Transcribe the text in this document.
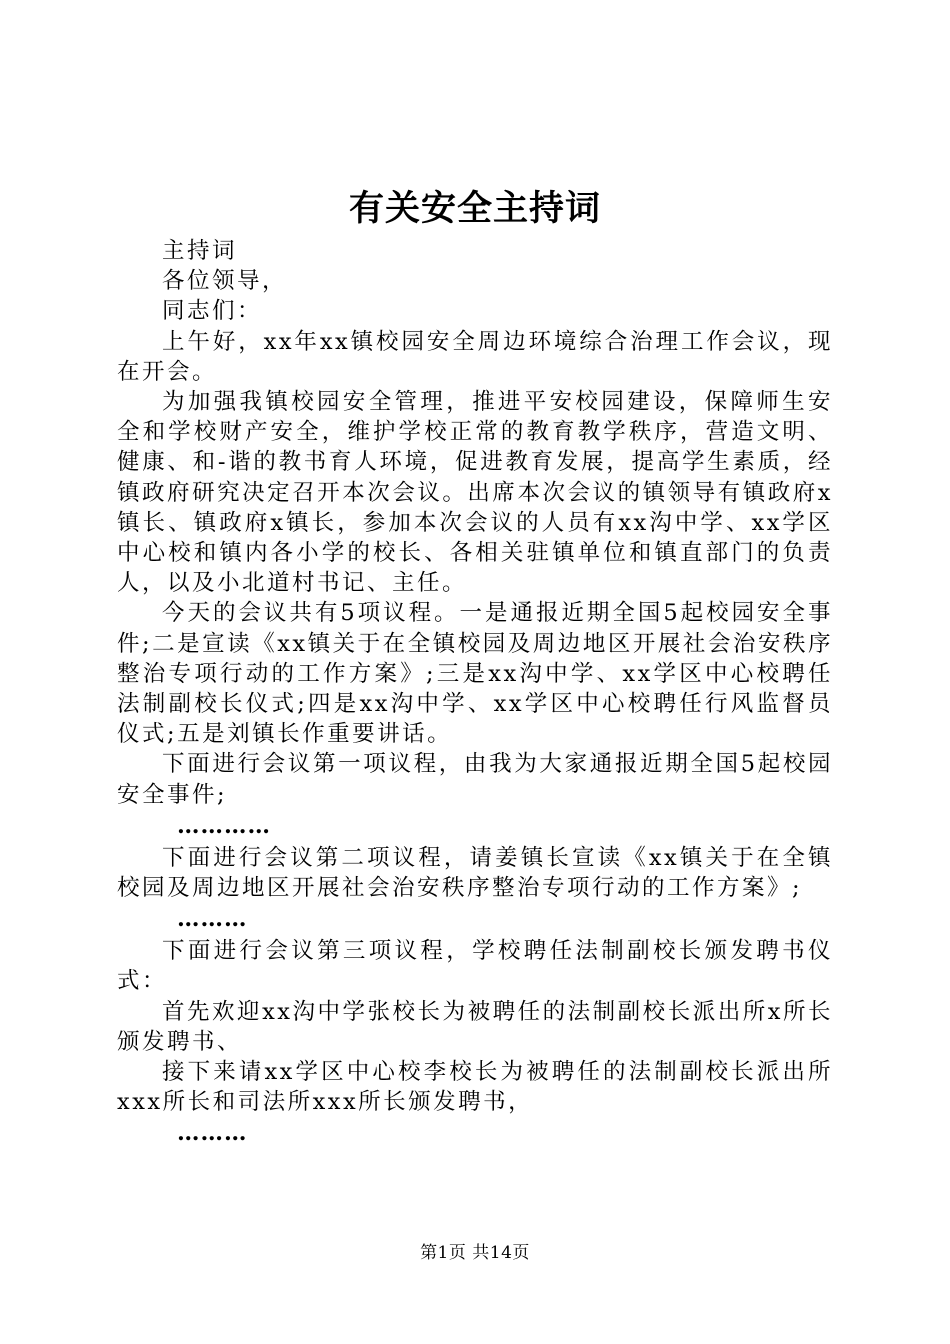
有关安全主持词

主持词

各位领导，

同志们：

上午好，xx年xx镇校园安全周边环境综合治理工作会议，现在开会。

为加强我镇校园安全管理，推进平安校园建设，保障师生安全和学校财产安全，维护学校正常的教育教学秩序，营造文明、健康、和-谐的教书育人环境，促进教育发展，提高学生素质，经镇政府研究决定召开本次会议。出席本次会议的镇领导有镇政府x镇长、镇政府x镇长，参加本次会议的人员有xx沟中学、xx学区中心校和镇内各小学的校长、各相关驻镇单位和镇直部门的负责人，以及小北道村书记、主任。

今天的会议共有5项议程。一是通报近期全国5起校园安全事件;二是宣读《xx镇关于在全镇校园及周边地区开展社会治安秩序整治专项行动的工作方案》;三是xx沟中学、xx学区中心校聘任法制副校长仪式;四是xx沟中学、xx学区中心校聘任行风监督员仪式;五是刘镇长作重要讲话。

下面进行会议第一项议程，由我为大家通报近期全国5起校园安全事件;

…………

下面进行会议第二项议程，请姜镇长宣读《xx镇关于在全镇校园及周边地区开展社会治安秩序整治专项行动的工作方案》;

………

下面进行会议第三项议程，学校聘任法制副校长颁发聘书仪式：

首先欢迎xx沟中学张校长为被聘任的法制副校长派出所x所长颁发聘书、

接下来请xx学区中心校李校长为被聘任的法制副校长派出所xxx所长和司法所xxx所长颁发聘书，

………

第1页 共14页
